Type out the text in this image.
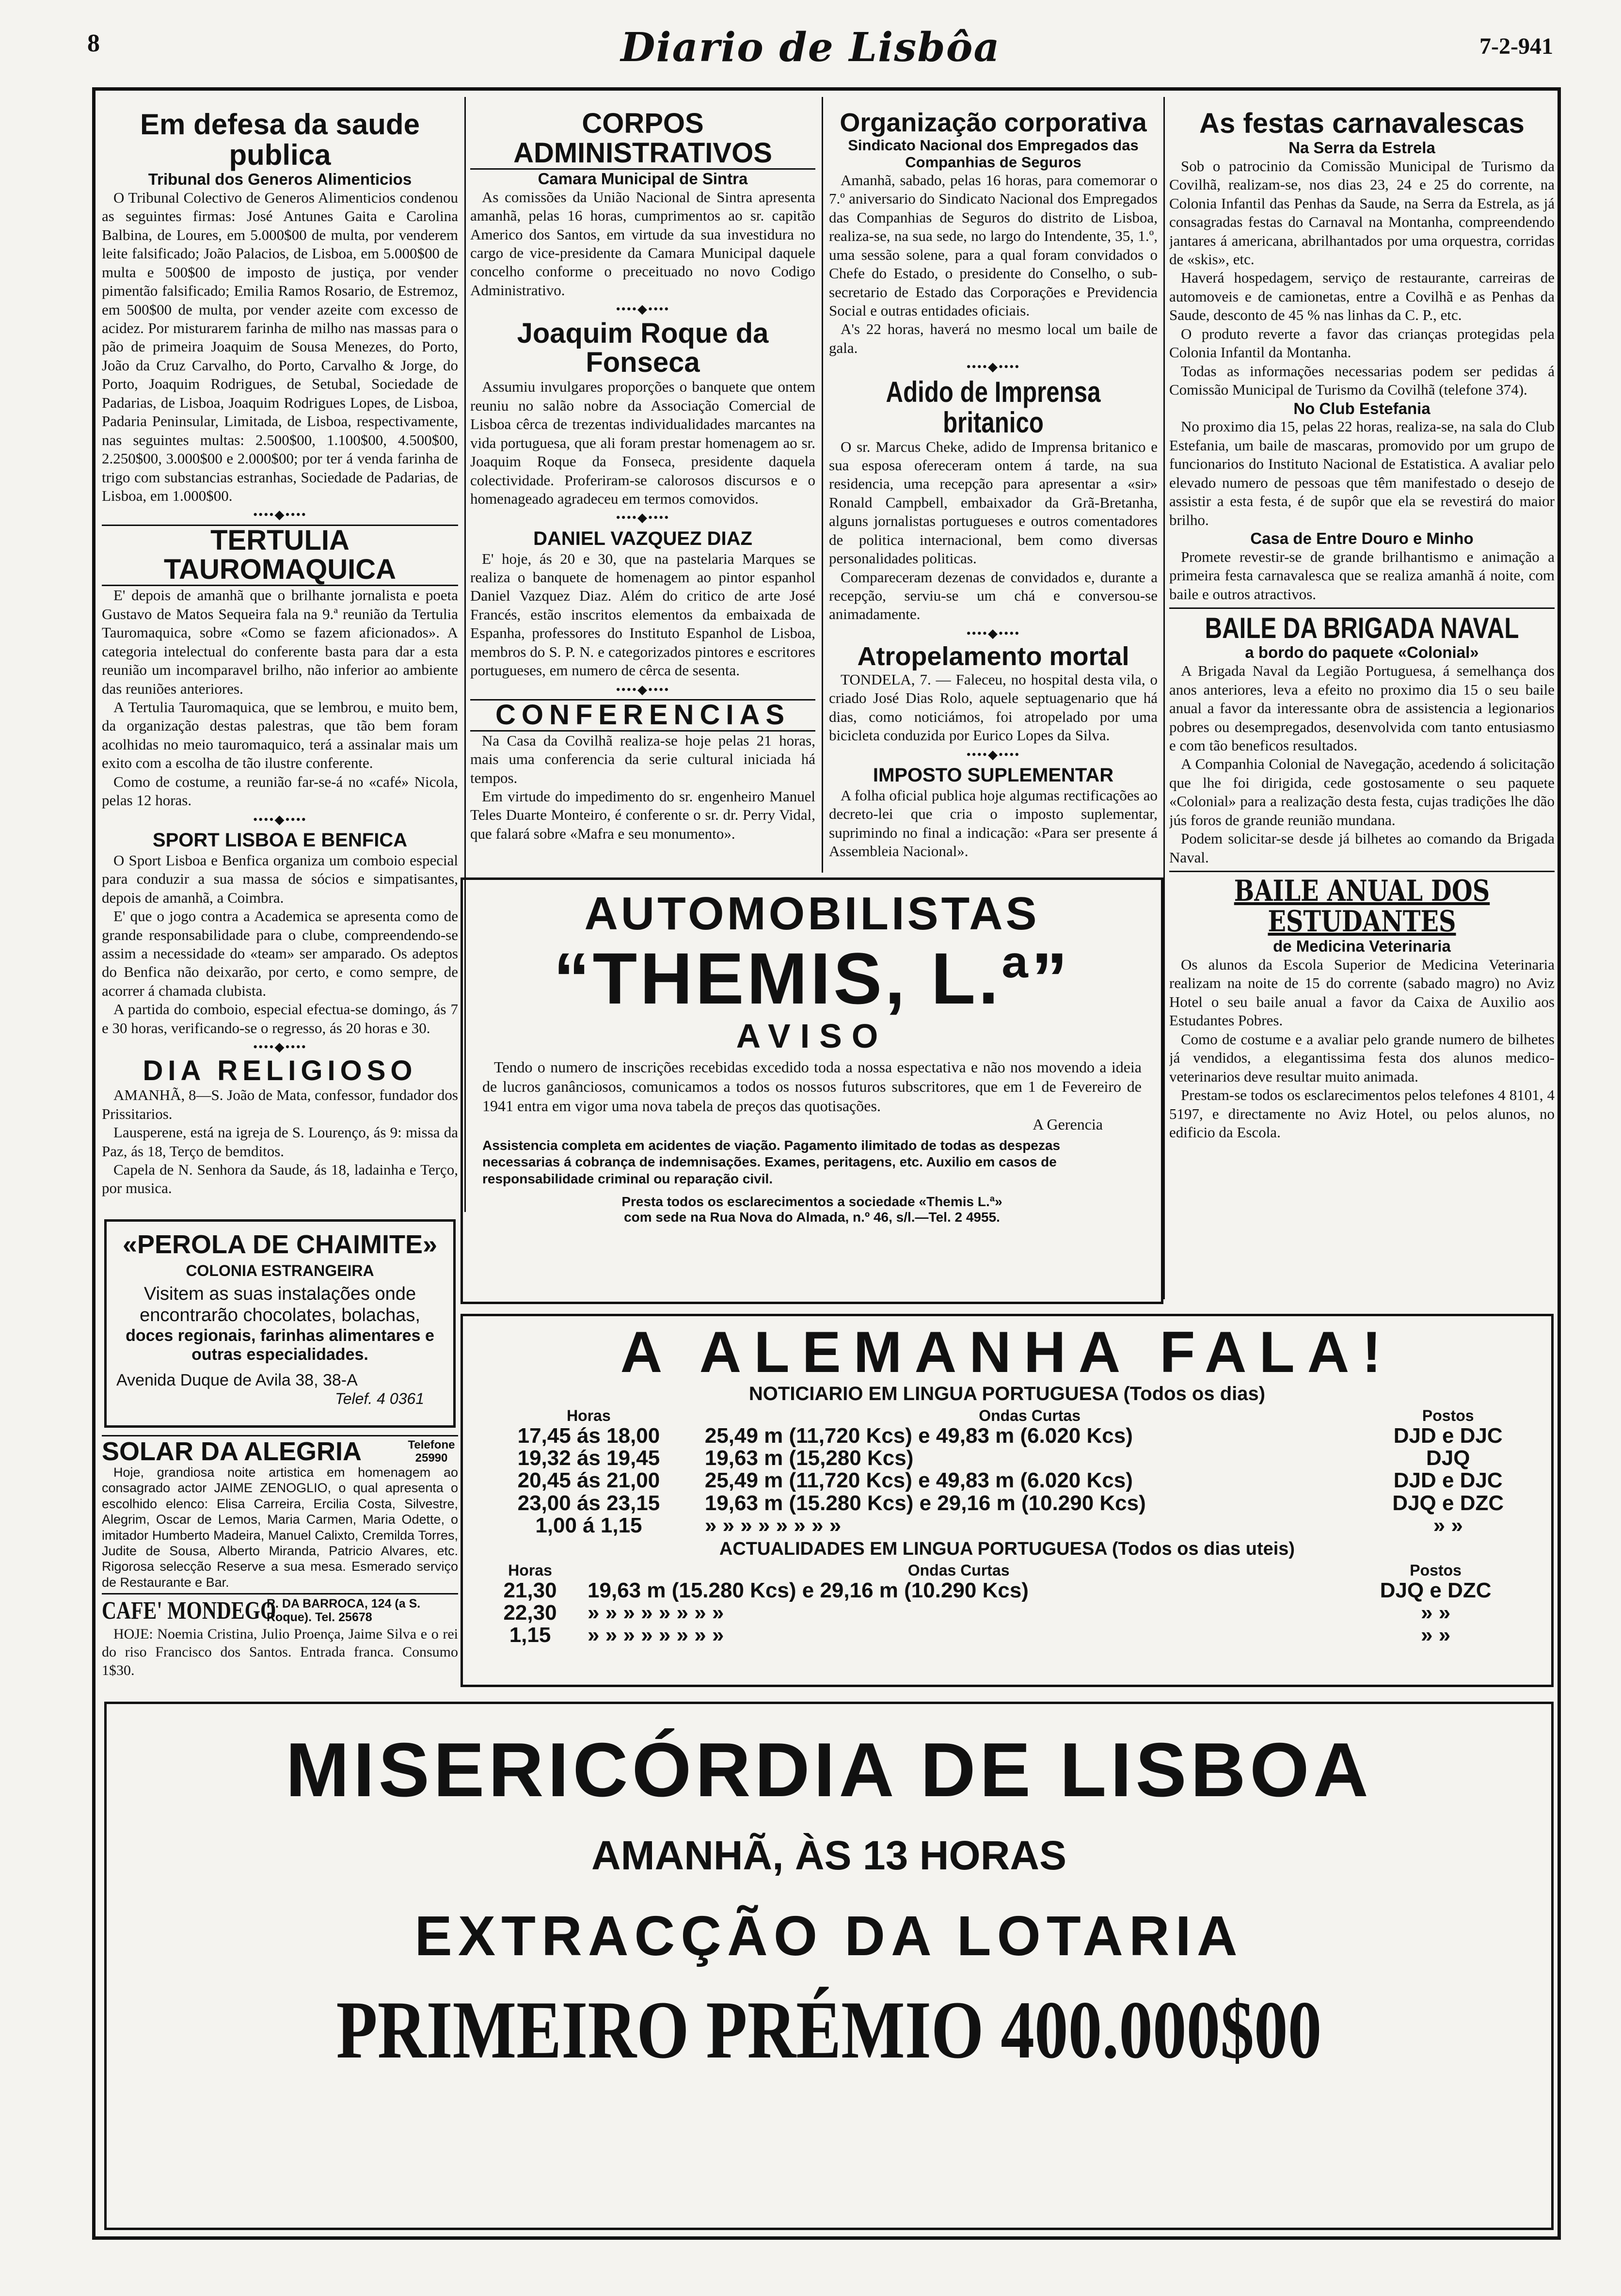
8	Diario de Lisbôa	7-2-941
Em defesa da saude publica
Tribunal dos Generos Alimenticios

O Tribunal Colectivo de Generos Alimenticios condenou as seguintes firmas: José Antunes Gaita e Carolina Balbina, de Loures, em 5.000$00 de multa, por venderem leite falsificado; João Palacios, de Lisboa, em 5.000$00 de multa e 500$00 de imposto de justiça, por vender pimentão falsificado; Emilia Ramos Rosario, de Estremoz, em 500$00 de multa, por vender azeite com excesso de acidez. Por misturarem farinha de milho nas massas para o pão de primeira Joaquim de Sousa Menezes, do Porto, João da Cruz Carvalho, do Porto, Carvalho & Jorge, do Porto, Joaquim Rodrigues, de Setubal, Sociedade de Padarias, de Lisboa, Joaquim Rodrigues Lopes, de Lisboa, Padaria Peninsular, Limitada, de Lisboa, respectivamente, nas seguintes multas: 2.500$00, 1.100$00, 4.500$00, 2.250$00, 3.000$00 e 2.000$00; por ter á venda farinha de trigo com substancias estranhas, Sociedade de Padarias, de Lisboa, em 1.000$00.

••••◆••••
TERTULIA TAUROMAQUICA

E' depois de amanhã que o brilhante jornalista e poeta Gustavo de Matos Sequeira fala na 9.ª reunião da Tertulia Tauromaquica, sobre «Como se fazem aficionados». A categoria intelectual do conferente basta para dar a esta reunião um incomparavel brilho, não inferior ao ambiente das reuniões anteriores.

A Tertulia Tauromaquica, que se lembrou, e muito bem, da organização destas palestras, que tão bem foram acolhidas no meio tauromaquico, terá a assinalar mais um exito com a escolha de tão ilustre conferente.

Como de costume, a reunião far-se-á no «café» Nicola, pelas 12 horas.

••••◆••••
SPORT LISBOA E BENFICA

O Sport Lisboa e Benfica organiza um comboio especial para conduzir a sua massa de sócios e simpatisantes, depois de amanhã, a Coimbra.

E' que o jogo contra a Academica se apresenta como de grande responsabilidade para o clube, compreendendo-se assim a necessidade do «team» ser amparado. Os adeptos do Benfica não deixarão, por certo, e como sempre, de acorrer á chamada clubista.

A partida do comboio, especial efectua-se domingo, ás 7 e 30 horas, verificando-se o regresso, ás 20 horas e 30.

••••◆••••
DIA RELIGIOSO

AMANHÃ, 8—S. João de Mata, confessor, fundador dos Prissitarios.

Lausperene, está na igreja de S. Lourenço, ás 9: missa da Paz, ás 18, Terço de bemditos.

Capela de N. Senhora da Saude, ás 18, ladainha e Terço, por musica.

«PEROLA DE CHAIMITE»
COLONIA ESTRANGEIRA
Visitem as suas instalações onde
encontrarão chocolates, bolachas,
doces regionais, farinhas alimentares e outras especialidades.
Avenida Duque de Avila 38, 38-A
Telef. 4 0361
SOLAR DA ALEGRIA	Telefone 25990

Hoje, grandiosa noite artistica em homenagem ao consagrado actor JAIME ZENOGLIO, o qual apresenta o escolhido elenco: Elisa Carreira, Ercilia Costa, Silvestre, Alegrim, Oscar de Lemos, Maria Carmen, Maria Odette, o imitador Humberto Madeira, Manuel Calixto, Cremilda Torres, Judite de Sousa, Alberto Miranda, Patricio Alvares, etc. Rigorosa selecção Reserve a sua mesa. Esmerado serviço de Restaurante e Bar.

CAFE' MONDEGO
R. DA BARROCA, 124 (a S. Roque). Tel. 25678

HOJE: Noemia Cristina, Julio Proença, Jaime Silva e o rei do riso Francisco dos Santos. Entrada franca. Consumo 1$30.

CORPOS ADMINISTRATIVOS
Camara Municipal de Sintra

As comissões da União Nacional de Sintra apresenta amanhã, pelas 16 horas, cumprimentos ao sr. capitão Americo dos Santos, em virtude da sua investidura no cargo de vice-presidente da Camara Municipal daquele concelho conforme o preceituado no novo Codigo Administrativo.

••••◆••••
Joaquim Roque da Fonseca

Assumiu invulgares proporções o banquete que ontem reuniu no salão nobre da Associação Comercial de Lisboa cêrca de trezentas individualidades marcantes na vida portuguesa, que ali foram prestar homenagem ao sr. Joaquim Roque da Fonseca, presidente daquela colectividade. Proferiram-se calorosos discursos e o homenageado agradeceu em termos comovidos.

••••◆••••
DANIEL VAZQUEZ DIAZ

E' hoje, ás 20 e 30, que na pastelaria Marques se realiza o banquete de homenagem ao pintor espanhol Daniel Vazquez Diaz. Além do critico de arte José Francés, estão inscritos elementos da embaixada de Espanha, professores do Instituto Espanhol de Lisboa, membros do S. P. N. e categorizados pintores e escritores portugueses, em numero de cêrca de sesenta.

••••◆••••
CONFERENCIAS

Na Casa da Covilhã realiza-se hoje pelas 21 horas, mais uma conferencia da serie cultural iniciada há tempos.

Em virtude do impedimento do sr. engenheiro Manuel Teles Duarte Monteiro, é conferente o sr. dr. Perry Vidal, que falará sobre «Mafra e seu monumento».

Organização corporativa
Sindicato Nacional dos Empregados das Companhias de Seguros

Amanhã, sabado, pelas 16 horas, para comemorar o 7.º aniversario do Sindicato Nacional dos Empregados das Companhias de Seguros do distrito de Lisboa, realiza-se, na sua sede, no largo do Intendente, 35, 1.º, uma sessão solene, para a qual foram convidados o Chefe do Estado, o presidente do Conselho, o sub-secretario de Estado das Corporações e Previdencia Social e outras entidades oficiais.

A's 22 horas, haverá no mesmo local um baile de gala.

••••◆••••
Adido de Imprensa britanico

O sr. Marcus Cheke, adido de Imprensa britanico e sua esposa ofereceram ontem á tarde, na sua residencia, uma recepção para apresentar a «sir» Ronald Campbell, embaixador da Grã-Bretanha, alguns jornalistas portugueses e outros comentadores de politica internacional, bem como diversas personalidades politicas.

Compareceram dezenas de convidados e, durante a recepção, serviu-se um chá e conversou-se animadamente.

••••◆••••
Atropelamento mortal

TONDELA, 7. — Faleceu, no hospital desta vila, o criado José Dias Rolo, aquele septuagenario que há dias, como noticiámos, foi atropelado por uma bicicleta conduzida por Eurico Lopes da Silva.

••••◆••••
IMPOSTO SUPLEMENTAR

A folha oficial publica hoje algumas rectificações ao decreto-lei que cria o imposto suplementar, suprimindo no final a indicação: «Para ser presente á Assembleia Nacional».

As festas carnavalescas
Na Serra da Estrela

Sob o patrocinio da Comissão Municipal de Turismo da Covilhã, realizam-se, nos dias 23, 24 e 25 do corrente, na Colonia Infantil das Penhas da Saude, na Serra da Estrela, as já consagradas festas do Carnaval na Montanha, compreendendo jantares á americana, abrilhantados por uma orquestra, corridas de «skis», etc.

Haverá hospedagem, serviço de restaurante, carreiras de automoveis e de camionetas, entre a Covilhã e as Penhas da Saude, desconto de 45 % nas linhas da C. P., etc.

O produto reverte a favor das crianças protegidas pela Colonia Infantil da Montanha.

Todas as informações necessarias podem ser pedidas á Comissão Municipal de Turismo da Covilhã (telefone 374).

No Club Estefania

No proximo dia 15, pelas 22 horas, realiza-se, na sala do Club Estefania, um baile de mascaras, promovido por um grupo de funcionarios do Instituto Nacional de Estatistica. A avaliar pelo elevado numero de pessoas que têm manifestado o desejo de assistir a esta festa, é de supôr que ela se revestirá do maior brilho.

Casa de Entre Douro e Minho

Promete revestir-se de grande brilhantismo e animação a primeira festa carnavalesca que se realiza amanhã á noite, com baile e outros atractivos.

BAILE DA BRIGADA NAVAL
a bordo do paquete «Colonial»

A Brigada Naval da Legião Portuguesa, á semelhança dos anos anteriores, leva a efeito no proximo dia 15 o seu baile anual a favor da interessante obra de assistencia a legionarios pobres ou desempregados, desenvolvida com tanto entusiasmo e com tão beneficos resultados.

A Companhia Colonial de Navegação, acedendo á solicitação que lhe foi dirigida, cede gostosamente o seu paquete «Colonial» para a realização desta festa, cujas tradições lhe dão jús foros de grande reunião mundana.

Podem solicitar-se desde já bilhetes ao comando da Brigada Naval.

BAILE ANUAL DOS ESTUDANTES
de Medicina Veterinaria

Os alunos da Escola Superior de Medicina Veterinaria realizam na noite de 15 do corrente (sabado magro) no Aviz Hotel o seu baile anual a favor da Caixa de Auxilio aos Estudantes Pobres.

Como de costume e a avaliar pelo grande numero de bilhetes já vendidos, a elegantissima festa dos alunos medico-veterinarios deve resultar muito animada.

Prestam-se todos os esclarecimentos pelos telefones 4 8101, 4 5197, e directamente no Aviz Hotel, ou pelos alunos, no edificio da Escola.

AUTOMOBILISTAS
“THEMIS, L.ª”
AVISO

Tendo o numero de inscrições recebidas excedido toda a nossa espectativa e não nos movendo a ideia de lucros ganânciosos, comunicamos a todos os nossos futuros subscritores, que em 1 de Fevereiro de 1941 entra em vigor uma nova tabela de preços das quotisações.

A Gerencia

Assistencia completa em acidentes de viação. Pagamento ilimitado de todas as despezas necessarias á cobrança de indemnisações. Exames, peritagens, etc. Auxilio em casos de responsabilidade criminal ou reparação civil.

Presta todos os esclarecimentos a sociedade «Themis L.ª»
com sede na Rua Nova do Almada, n.º 46, s/l.—Tel. 2 4955.
A ALEMANHA FALA!
NOTICIARIO EM LINGUA PORTUGUESA (Todos os dias)
Horas	Ondas Curtas	Postos
17,45 ás 18,00	25,49 m (11,720 Kcs) e 49,83 m (6.020 Kcs)	DJD e DJC
19,32 ás 19,45	19,63 m (15,280 Kcs)	DJQ
20,45 ás 21,00	25,49 m (11,720 Kcs) e 49,83 m (6.020 Kcs)	DJD e DJC
23,00 ás 23,15	19,63 m (15.280 Kcs) e 29,16 m (10.290 Kcs)	DJQ e DZC
1,00 á 1,15	» » » » » » » »	» »
ACTUALIDADES EM LINGUA PORTUGUESA (Todos os dias uteis)
Horas	Ondas Curtas	Postos
21,30	19,63 m (15.280 Kcs) e 29,16 m (10.290 Kcs)	DJQ e DZC
22,30	» » » » » » » »	» »
1,15	» » » » » » » »	» »
MISERICÓRDIA DE LISBOA
AMANHÃ, ÀS 13 HORAS
EXTRACÇÃO DA LOTARIA
PRIMEIRO PRÉMIO 400.000$00
